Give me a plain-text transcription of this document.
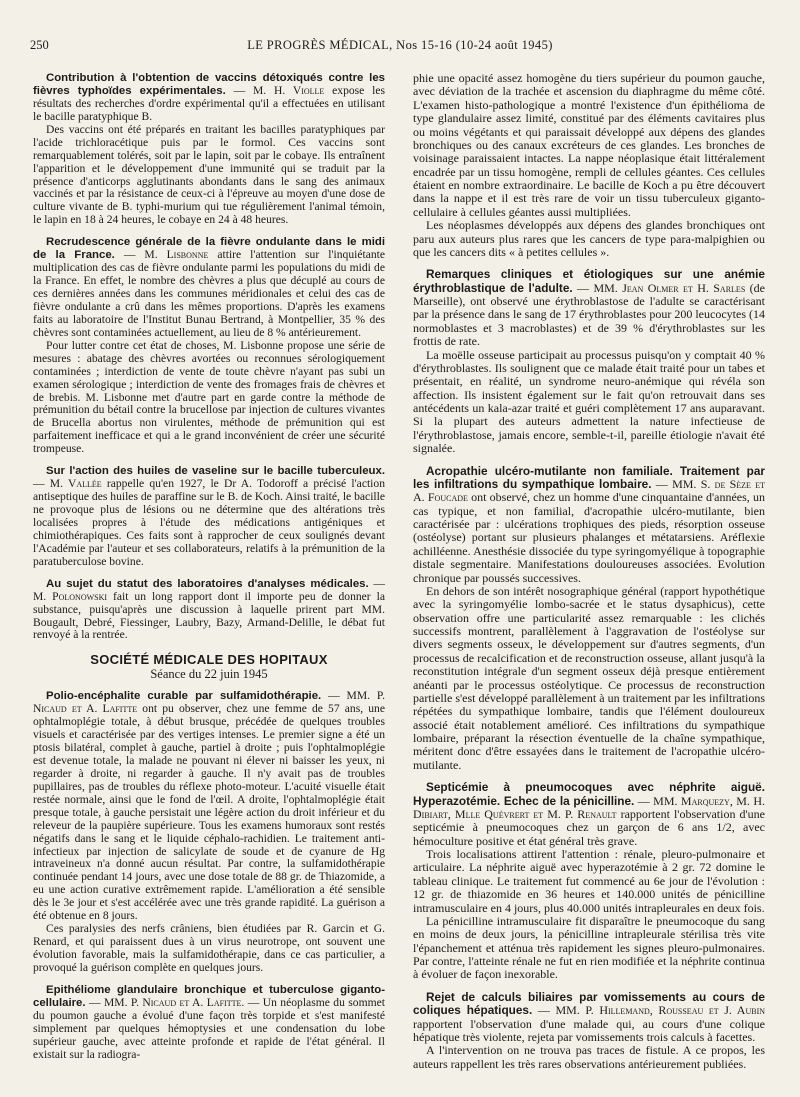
250	LE PROGRÈS MÉDICAL, Nos 15-16 (10-24 août 1945)

Contribution à l'obtention de vaccins détoxiqués contre les fièvres typhoïdes expérimentales. — M. H. Violle expose les résultats des recherches d'ordre expérimental qu'il a effectuées en utilisant le bacille paratyphique B.

Des vaccins ont été préparés en traitant les bacilles paratyphiques par l'acide trichloracétique puis par le formol. Ces vaccins sont remarquablement tolérés, soit par le lapin, soit par le cobaye. Ils entraînent l'apparition et le développement d'une immunité qui se traduit par la présence d'anticorps agglutinants abondants dans le sang des animaux vaccinés et par la résistance de ceux-ci à l'épreuve au moyen d'une dose de culture vivante de B. typhi-murium qui tue régulièrement l'animal témoin, le lapin en 18 à 24 heures, le cobaye en 24 à 48 heures.

Recrudescence générale de la fièvre ondulante dans le midi de la France. — M. Lisbonne attire l'attention sur l'inquiétante multiplication des cas de fièvre ondulante parmi les populations du midi de la France. En effet, le nombre des chèvres a plus que décuplé au cours de ces dernières années dans les communes méridionales et celui des cas de fièvre ondulante a crû dans les mêmes proportions. D'après les examens faits au laboratoire de l'Institut Bunau Bertrand, à Montpellier, 35 % des chèvres sont contaminées actuellement, au lieu de 8 % antérieurement.

Pour lutter contre cet état de choses, M. Lisbonne propose une série de mesures : abatage des chèvres avortées ou reconnues sérologiquement contaminées ; interdiction de vente de toute chèvre n'ayant pas subi un examen sérologique ; interdiction de vente des fromages frais de chèvres et de brebis. M. Lisbonne met d'autre part en garde contre la méthode de prémunition du bétail contre la brucellose par injection de cultures vivantes de Brucella abortus non virulentes, méthode de prémunition qui est parfaitement inefficace et qui a le grand inconvénient de créer une sécurité trompeuse.

Sur l'action des huiles de vaseline sur le bacille tuberculeux. — M. Vallée rappelle qu'en 1927, le Dr A. Todoroff a précisé l'action antiseptique des huiles de paraffine sur le B. de Koch. Ainsi traité, le bacille ne provoque plus de lésions ou ne détermine que des altérations très localisées propres à l'étude des médications antigéniques et chimiothérapiques. Ces faits sont à rapprocher de ceux soulignés devant l'Académie par l'auteur et ses collaborateurs, relatifs à la prémunition de la paratuberculose bovine.

Au sujet du statut des laboratoires d'analyses médicales. — M. Polonowski fait un long rapport dont il importe peu de donner la substance, puisqu'après une discussion à laquelle prirent part MM. Bougault, Debré, Fiessinger, Laubry, Bazy, Armand-Delille, le débat fut renvoyé à la rentrée.

SOCIÉTÉ MÉDICALE DES HOPITAUX
Séance du 22 juin 1945

Polio-encéphalite curable par sulfamidothérapie. — MM. P. Nicaud et A. Lafitte ont pu observer, chez une femme de 57 ans, une ophtalmoplégie totale, à début brusque, précédée de quelques troubles visuels et caractérisée par des vertiges intenses. Le premier signe a été un ptosis bilatéral, complet à gauche, partiel à droite ; puis l'ophtalmoplégie est devenue totale, la malade ne pouvant ni élever ni baisser les yeux, ni regarder à droite, ni regarder à gauche. Il n'y avait pas de troubles pupillaires, pas de troubles du réflexe photo-moteur. L'acuité visuelle était restée normale, ainsi que le fond de l'œil. A droite, l'ophtalmoplégie était presque totale, à gauche persistait une légère action du droit inférieur et du releveur de la paupière supérieure. Tous les examens humoraux sont restés négatifs dans le sang et le liquide céphalo-rachidien. Le traitement anti-infectieux par injection de salicylate de soude et de cyanure de Hg intraveineux n'a donné aucun résultat. Par contre, la sulfamidothérapie continuée pendant 14 jours, avec une dose totale de 88 gr. de Thiazomide, a eu une action curative extrêmement rapide. L'amélioration a été sensible dès le 3e jour et s'est accélérée avec une très grande rapidité. La guérison a été obtenue en 8 jours.

Ces paralysies des nerfs crâniens, bien étudiées par R. Garcin et G. Renard, et qui paraissent dues à un virus neurotrope, ont souvent une évolution favorable, mais la sulfamidothérapie, dans ce cas particulier, a provoqué la guérison complète en quelques jours.

Epithéliome glandulaire bronchique et tuberculose giganto-cellulaire. — MM. P. Nicaud et A. Lafitte. — Un néoplasme du sommet du poumon gauche a évolué d'une façon très torpide et s'est manifesté simplement par quelques hémoptysies et une condensation du lobe supérieur gauche, avec atteinte profonde et rapide de l'état général. Il existait sur la radiogra-

phie une opacité assez homogène du tiers supérieur du poumon gauche, avec déviation de la trachée et ascension du diaphragme du même côté. L'examen histo-pathologique a montré l'existence d'un épithélioma de type glandulaire assez limité, constitué par des éléments cavitaires plus ou moins végétants et qui paraissait développé aux dépens des glandes bronchiques ou des canaux excréteurs de ces glandes. Les bronches de voisinage paraissaient intactes. La nappe néoplasique était littéralement encadrée par un tissu homogène, rempli de cellules géantes. Ces cellules étaient en nombre extraordinaire. Le bacille de Koch a pu être découvert dans la nappe et il est très rare de voir un tissu tuberculeux giganto-cellulaire à cellules géantes aussi multipliées.

Les néoplasmes développés aux dépens des glandes bronchiques ont paru aux auteurs plus rares que les cancers de type para-malpighien ou que les cancers dits « à petites cellules ».

Remarques cliniques et étiologiques sur une anémie érythroblastique de l'adulte. — MM. Jean Olmer et H. Sarles (de Marseille), ont observé une érythroblastose de l'adulte se caractérisant par la présence dans le sang de 17 érythroblastes pour 200 leucocytes (14 normoblastes et 3 macroblastes) et de 39 % d'érythroblastes sur les frottis de rate.

La moëlle osseuse participait au processus puisqu'on y comptait 40 % d'érythroblastes. Ils soulignent que ce malade était traité pour un tabes et présentait, en réalité, un syndrome neuro-anémique qui révéla son affection. Ils insistent également sur le fait qu'on retrouvait dans ses antécédents un kala-azar traité et guéri complètement 17 ans auparavant. Si la plupart des auteurs admettent la nature infectieuse de l'érythroblastose, jamais encore, semble-t-il, pareille étiologie n'avait été signalée.

Acropathie ulcéro-mutilante non familiale. Traitement par les infiltrations du sympathique lombaire. — MM. S. de Sèze et A. Foucade ont observé, chez un homme d'une cinquantaine d'années, un cas typique, et non familial, d'acropathie ulcéro-mutilante, bien caractérisée par : ulcérations trophiques des pieds, résorption osseuse (ostéolyse) portant sur plusieurs phalanges et métatarsiens. Aréflexie achilléenne. Anesthésie dissociée du type syringomyélique à topographie distale segmentaire. Manifestations douloureuses associées. Evolution chronique par poussés successives.

En dehors de son intérêt nosographique général (rapport hypothétique avec la syringomyélie lombo-sacrée et le status dysaphicus), cette observation offre une particularité assez remarquable : les clichés successifs montrent, parallèlement à l'aggravation de l'ostéolyse sur divers segments osseux, le développement sur d'autres segments, d'un processus de recalcification et de reconstruction osseuse, allant jusqu'à la reconstitution intégrale d'un segment osseux déjà presque entièrement anéanti par le processus ostéolytique. Ce processus de reconstruction partielle s'est développé parallèlement à un traitement par les infiltrations répétées du sympathique lombaire, tandis que l'élément douloureux associé était notablement amélioré. Ces infiltrations du sympathique lombaire, préparant la résection éventuelle de la chaîne sympathique, méritent donc d'être essayées dans le traitement de l'acropathie ulcéro-mutilante.

Septicémie à pneumocoques avec néphrite aiguë. Hyperazotémie. Echec de la pénicilline. — MM. Marquezy, M. H. Dibiart, Mlle Quévrert et M. P. Renault rapportent l'observation d'une septicémie à pneumocoques chez un garçon de 6 ans 1/2, avec hémoculture positive et état général très grave.

Trois localisations attirent l'attention : rénale, pleuro-pulmonaire et articulaire. La néphrite aiguë avec hyperazotémie à 2 gr. 72 domine le tableau clinique. Le traitement fut commencé au 6e jour de l'évolution : 12 gr. de thiazomide en 36 heures et 140.000 unités de pénicilline intramusculaire en 4 jours, plus 40.000 unités intrapleurales en deux fois.

La pénicilline intramusculaire fit disparaître le pneumocoque du sang en moins de deux jours, la pénicilline intrapleurale stérilisa très vite l'épanchement et atténua très rapidement les signes pleuro-pulmonaires. Par contre, l'atteinte rénale ne fut en rien modifiée et la néphrite continua à évoluer de façon inexorable.

Rejet de calculs biliaires par vomissements au cours de coliques hépatiques. — MM. P. Hillemand, Rousseau et J. Aubin rapportent l'observation d'une malade qui, au cours d'une colique hépatique très violente, rejeta par vomissements trois calculs à facettes.

A l'intervention on ne trouva pas traces de fistule. A ce propos, les auteurs rappellent les très rares observations antérieurement publiées.
